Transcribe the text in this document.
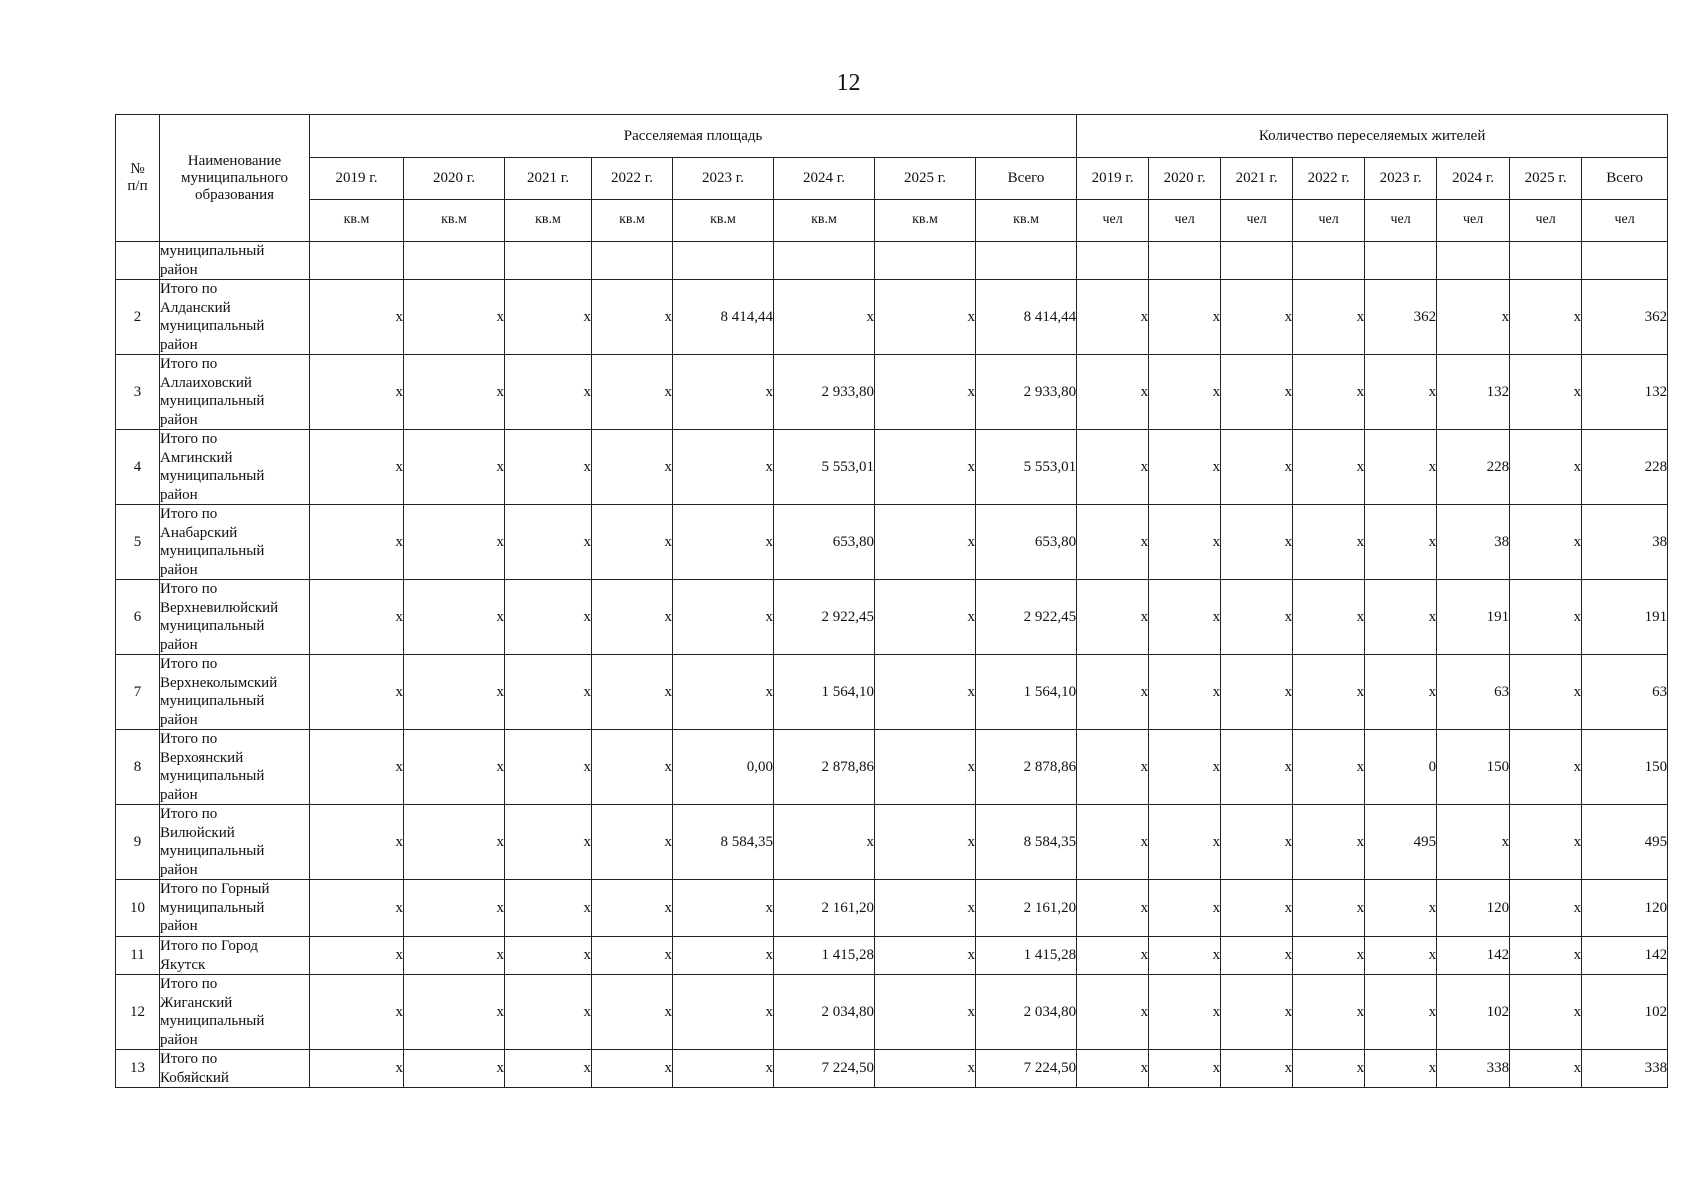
12
№
п/п	Наименование
муниципального
образования	Расселяемая площадь								Количество переселяемых жителей							
		2019 г.	2020 г.	2021 г.	2022 г.	2023 г.	2024 г.	2025 г.	Всего	2019 г.	2020 г.	2021 г.	2022 г.	2023 г.	2024 г.	2025 г.	Всего
		кв.м	кв.м	кв.м	кв.м	кв.м	кв.м	кв.м	кв.м	чел	чел	чел	чел	чел	чел	чел	чел
	муниципальный
район																
2	Итого по
Алданский
муниципальный
район	x	x	x	x	8 414,44	x	x	8 414,44	x	x	x	x	362	x	x	362
3	Итого по
Аллаиховский
муниципальный
район	x	x	x	x	x	2 933,80	x	2 933,80	x	x	x	x	x	132	x	132
4	Итого по
Амгинский
муниципальный
район	x	x	x	x	x	5 553,01	x	5 553,01	x	x	x	x	x	228	x	228
5	Итого по
Анабарский
муниципальный
район	x	x	x	x	x	653,80	x	653,80	x	x	x	x	x	38	x	38
6	Итого по
Верхневилюйский
муниципальный
район	x	x	x	x	x	2 922,45	x	2 922,45	x	x	x	x	x	191	x	191
7	Итого по
Верхнеколымский
муниципальный
район	x	x	x	x	x	1 564,10	x	1 564,10	x	x	x	x	x	63	x	63
8	Итого по
Верхоянский
муниципальный
район	x	x	x	x	0,00	2 878,86	x	2 878,86	x	x	x	x	0	150	x	150
9	Итого по
Вилюйский
муниципальный
район	x	x	x	x	8 584,35	x	x	8 584,35	x	x	x	x	495	x	x	495
10	Итого по Горный
муниципальный
район	x	x	x	x	x	2 161,20	x	2 161,20	x	x	x	x	x	120	x	120
11	Итого по Город
Якутск	x	x	x	x	x	1 415,28	x	1 415,28	x	x	x	x	x	142	x	142
12	Итого по
Жиганский
муниципальный
район	x	x	x	x	x	2 034,80	x	2 034,80	x	x	x	x	x	102	x	102
13	Итого по
Кобяйский	x	x	x	x	x	7 224,50	x	7 224,50	x	x	x	x	x	338	x	338
